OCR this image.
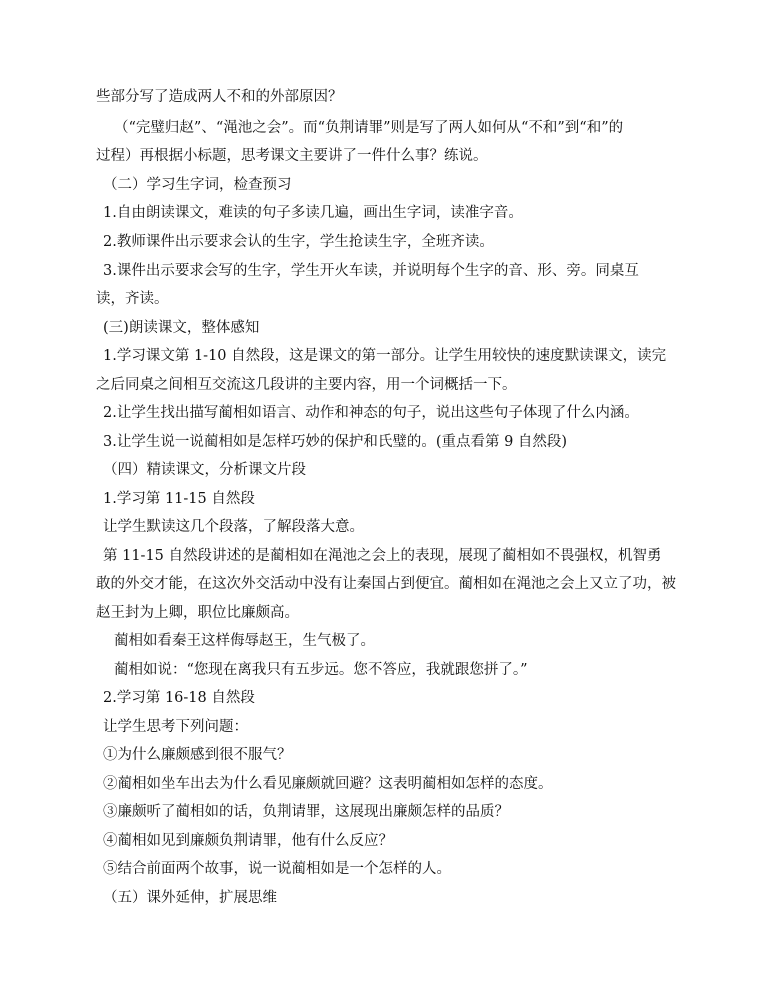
些部分写了造成两人不和的外部原因？
（“完璧归赵”、“渑池之会”。而“负荆请罪”则是写了两人如何从“不和”到“和”的
过程）再根据小标题，思考课文主要讲了一件什么事？练说。
（二）学习生字词，检查预习
1.自由朗读课文，难读的句子多读几遍，画出生字词，读准字音。
2.教师课件出示要求会认的生字，学生抢读生字，全班齐读。
3.课件出示要求会写的生字，学生开火车读，并说明每个生字的音、形、旁。同桌互
读，齐读。
(三)朗读课文，整体感知
1.学习课文第 1-10 自然段，这是课文的第一部分。让学生用较快的速度默读课文，读完
之后同桌之间相互交流这几段讲的主要内容，用一个词概括一下。
2.让学生找出描写蔺相如语言、动作和神态的句子，说出这些句子体现了什么内涵。
3.让学生说一说蔺相如是怎样巧妙的保护和氏璧的。(重点看第 9 自然段)
（四）精读课文，分析课文片段
1.学习第 11-15 自然段
让学生默读这几个段落，了解段落大意。
第 11-15 自然段讲述的是蔺相如在渑池之会上的表现，展现了蔺相如不畏强权，机智勇
敢的外交才能，在这次外交活动中没有让秦国占到便宜。蔺相如在渑池之会上又立了功，被
赵王封为上卿，职位比廉颇高。
蔺相如看秦王这样侮辱赵王，生气极了。
蔺相如说：“您现在离我只有五步远。您不答应，我就跟您拼了。”
2.学习第 16-18 自然段
让学生思考下列问题：
①为什么廉颇感到很不服气？
②蔺相如坐车出去为什么看见廉颇就回避？这表明蔺相如怎样的态度。
③廉颇听了蔺相如的话，负荆请罪，这展现出廉颇怎样的品质？
④蔺相如见到廉颇负荆请罪，他有什么反应？
⑤结合前面两个故事，说一说蔺相如是一个怎样的人。
（五）课外延伸，扩展思维
